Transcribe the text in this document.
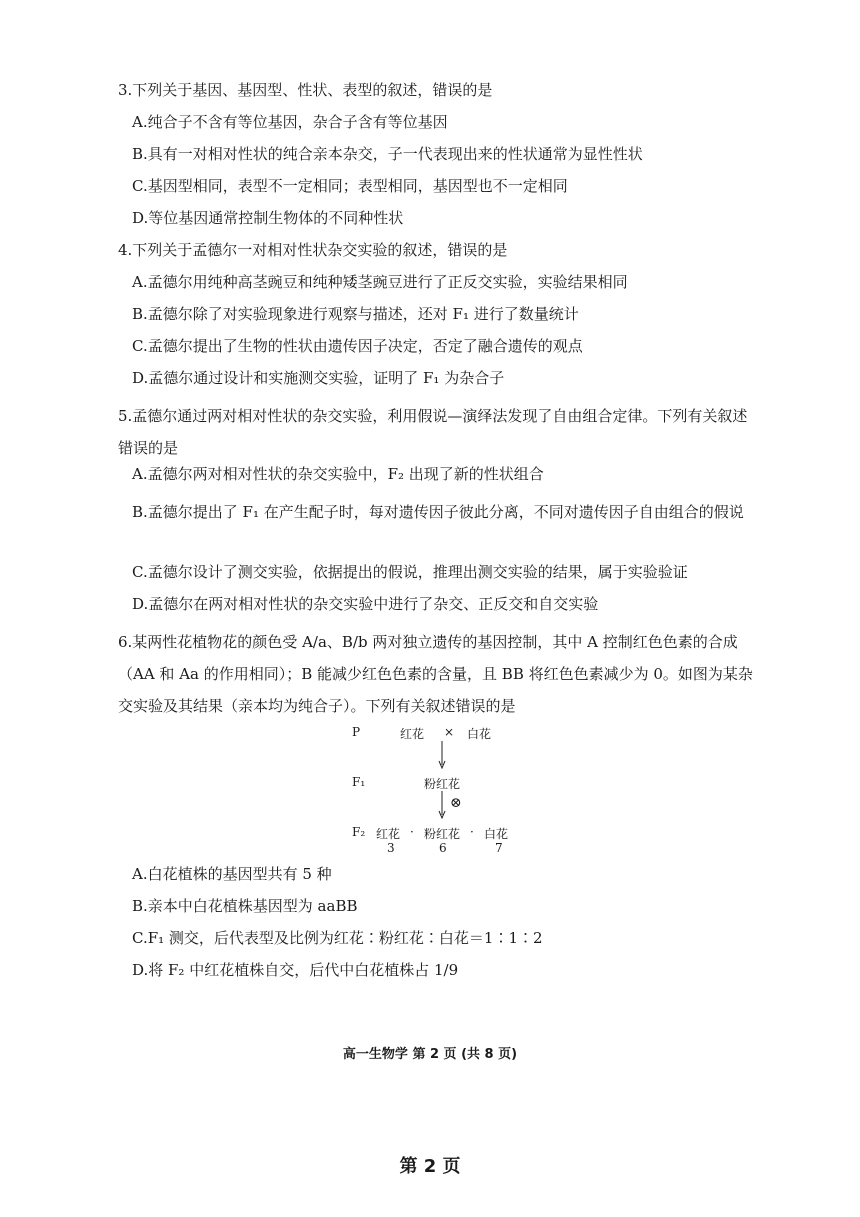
3.下列关于基因、基因型、性状、表型的叙述，错误的是
A.纯合子不含有等位基因，杂合子含有等位基因
B.具有一对相对性状的纯合亲本杂交，子一代表现出来的性状通常为显性性状
C.基因型相同，表型不一定相同；表型相同，基因型也不一定相同
D.等位基因通常控制生物体的不同种性状
4.下列关于孟德尔一对相对性状杂交实验的叙述，错误的是
A.孟德尔用纯种高茎豌豆和纯种矮茎豌豆进行了正反交实验，实验结果相同
B.孟德尔除了对实验现象进行观察与描述，还对 F₁ 进行了数量统计
C.孟德尔提出了生物的性状由遗传因子决定，否定了融合遗传的观点
D.孟德尔通过设计和实施测交实验，证明了 F₁ 为杂合子
5.孟德尔通过两对相对性状的杂交实验，利用假说—演绎法发现了自由组合定律。下列有关叙述错误的是
A.孟德尔两对相对性状的杂交实验中，F₂ 出现了新的性状组合
B.孟德尔提出了 F₁ 在产生配子时，每对遗传因子彼此分离，不同对遗传因子自由组合的假说
C.孟德尔设计了测交实验，依据提出的假说，推理出测交实验的结果，属于实验验证
D.孟德尔在两对相对性状的杂交实验中进行了杂交、正反交和自交实验
6.某两性花植物花的颜色受 A/a、B/b 两对独立遗传的基因控制，其中 A 控制红色色素的合成（AA 和 Aa 的作用相同）；B 能减少红色色素的含量，且 BB 将红色色素减少为 0。如图为某杂交实验及其结果（亲本均为纯合子）。下列有关叙述错误的是
P	红花 × 白花
F₁	粉红花
⊗
F₂ 红花 · 粉红花 · 白花
3	6	7
A.白花植株的基因型共有 5 种
B.亲本中白花植株基因型为 aaBB
C.F₁ 测交，后代表型及比例为红花∶粉红花∶白花＝1∶1∶2
D.将 F₂ 中红花植株自交，后代中白花植株占 1/9
高一生物学 第 2 页 (共 8 页)
第 2 页
